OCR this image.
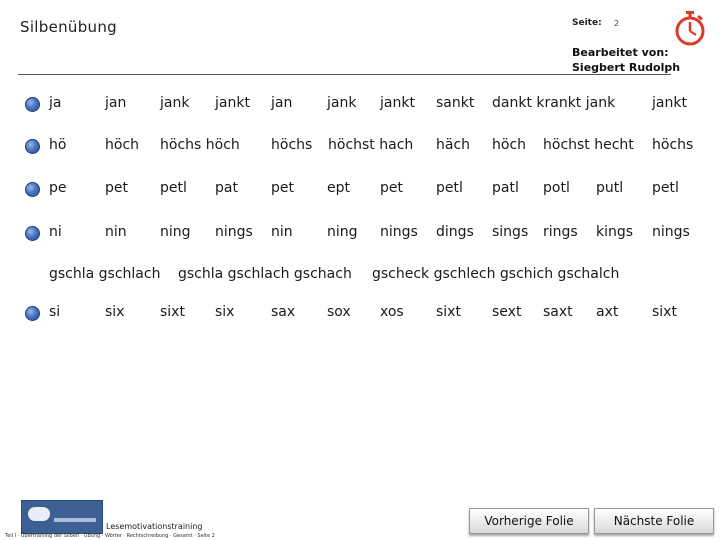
Silbenübung	Seite: 2
Bearbeitet von:
Siegbert Rudolph
ja	jan jank jankt jan jank jankt sankt dankt krankt jank	jankt
hö	höch höchs höch höchs höchst hach häch höch höchst hecht höchs
pe	pet petl pat pet ept pet petl patl potl putl petl
ni	nin ning nings nin ning nings dings sings rings kings nings
gschla gschlach gschla gschlach gschach gscheck gschlech gschich gschalch
si	six	sixt six	sax sox xos sixt sext saxt axt sixt
Lesemotivationstraining
Teil I · Übertraining der Silben · Übung · Wörter · Rechtschreibung · Gesamt · Seite 2
Vorherige Folie	Nächste Folie
